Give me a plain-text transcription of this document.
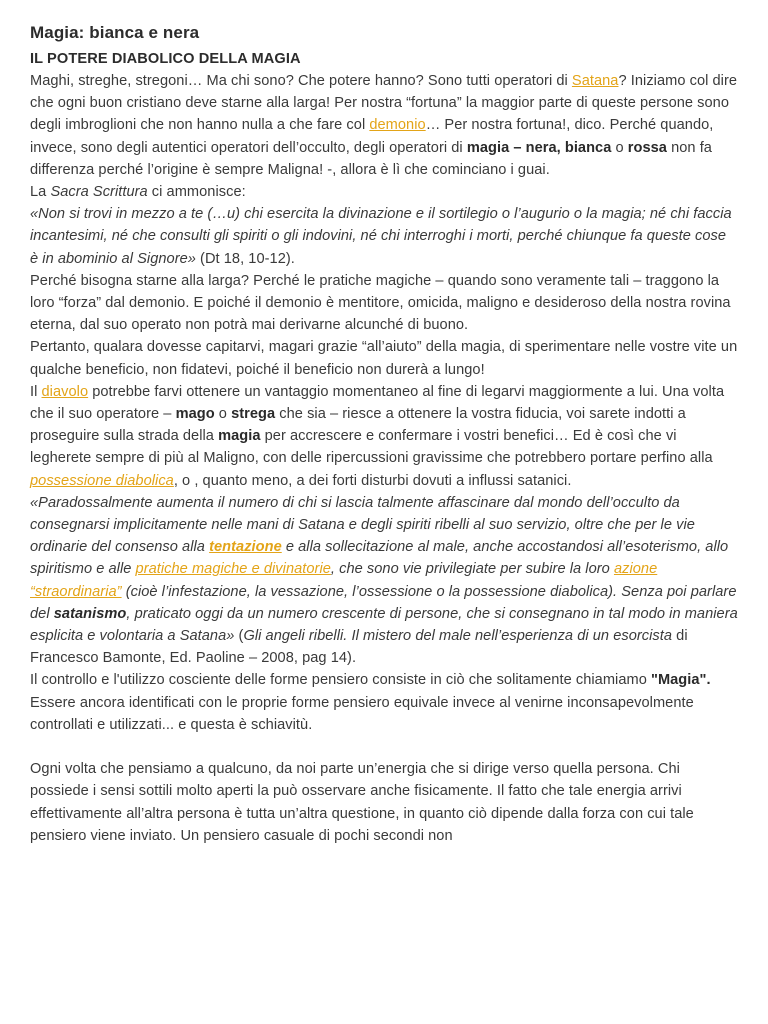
Magia: bianca e nera
IL POTERE DIABOLICO DELLA MAGIA

Maghi, streghe, stregoni… Ma chi sono? Che potere hanno? Sono tutti operatori di Satana? Iniziamo col dire che ogni buon cristiano deve starne alla larga! Per nostra “fortuna” la maggior parte di queste persone sono degli imbroglioni che non hanno nulla a che fare col demonio… Per nostra fortuna!, dico. Perché quando, invece, sono degli autentici operatori dell’occulto, degli operatori di magia – nera, bianca o rossa non fa differenza perché l’origine è sempre Maligna! -, allora è lì che cominciano i guai.

La Sacra Scrittura ci ammonisce:

«Non si trovi in mezzo a te (…u) chi esercita la divinazione e il sortilegio o l’augurio o la magia; né chi faccia incantesimi, né che consulti gli spiriti o gli indovini, né chi interroghi i morti, perché chiunque fa queste cose è in abominio al Signore» (Dt 18, 10-12).

Perché bisogna starne alla larga? Perché le pratiche magiche – quando sono veramente tali – traggono la loro “forza” dal demonio. E poiché il demonio è mentitore, omicida, maligno e desideroso della nostra rovina eterna, dal suo operato non potrà mai derivarne alcunché di buono.

Pertanto, qualara dovesse capitarvi, magari grazie “all’aiuto” della magia, di sperimentare nelle vostre vite un qualche beneficio, non fidatevi, poiché il beneficio non durerà a lungo!

Il diavolo potrebbe farvi ottenere un vantaggio momentaneo al fine di legarvi maggiormente a lui. Una volta che il suo operatore – mago o strega che sia – riesce a ottenere la vostra fiducia, voi sarete indotti a proseguire sulla strada della magia per accrescere e confermare i vostri benefici… Ed è così che vi legherete sempre di più al Maligno, con delle ripercussioni gravissime che potrebbero portare perfino alla possessione diabolica, o , quanto meno, a dei forti disturbi dovuti a influssi satanici.

«Paradossalmente aumenta il numero di chi si lascia talmente affascinare dal mondo dell’occulto da consegnarsi implicitamente nelle mani di Satana e degli spiriti ribelli al suo servizio, oltre che per le vie ordinarie del consenso alla tentazione e alla sollecitazione al male, anche accostandosi all’esoterismo, allo spiritismo e alle pratiche magiche e divinatorie, che sono vie privilegiate per subire la loro azione “straordinaria” (cioè l’infestazione, la vessazione, l’ossessione o la possessione diabolica). Senza poi parlare del satanismo, praticato oggi da un numero crescente di persone, che si consegnano in tal modo in maniera esplicita e volontaria a Satana» (Gli angeli ribelli. Il mistero del male nell’esperienza di un esorcista di Francesco Bamonte, Ed. Paoline – 2008, pag 14).

Il controllo e l'utilizzo cosciente delle forme pensiero consiste in ciò che solitamente chiamiamo "Magia".

Essere ancora identificati con le proprie forme pensiero equivale invece al venirne inconsapevolmente controllati e utilizzati... e questa è schiavitù.

Ogni volta che pensiamo a qualcuno, da noi parte un’energia che si dirige verso quella persona. Chi possiede i sensi sottili molto aperti la può osservare anche fisicamente. Il fatto che tale energia arrivi effettivamente all’altra persona è tutta un’altra questione, in quanto ciò dipende dalla forza con cui tale pensiero viene inviato. Un pensiero casuale di pochi secondi non
